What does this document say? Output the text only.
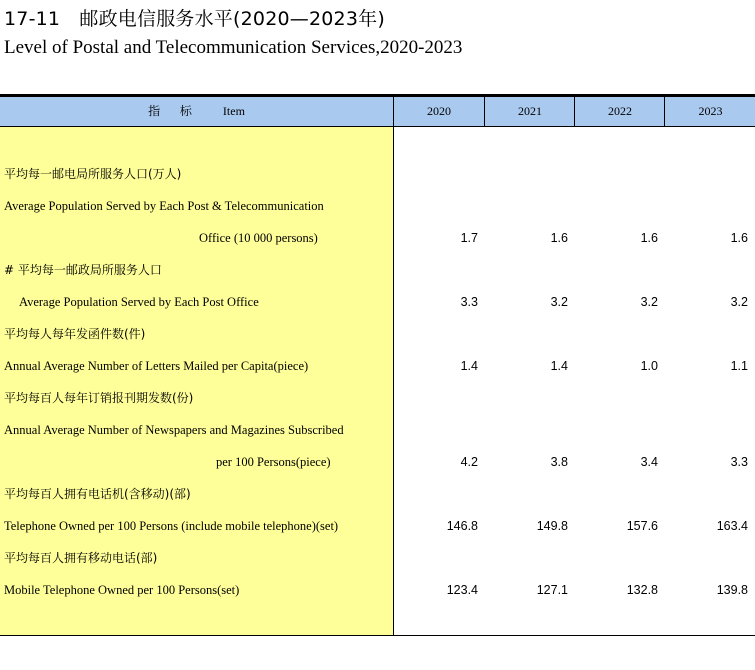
17-11　邮政电信服务水平(2020—2023年)
Level of Postal and Telecommunication Services,2020-2023
指 标 Item	2020	2021	2022	2023
平均每一邮电局所服务人口(万人)
Average Population Served by Each Post & Telecommunication
Office (10 000 persons)	1.7	1.6	1.6	1.6
# 平均每一邮政局所服务人口
Average Population Served by Each Post Office	3.3	3.2	3.2	3.2
平均每人每年发函件数(件)
Annual Average Number of Letters Mailed per Capita(piece)	1.4	1.4	1.0	1.1
平均每百人每年订销报刊期发数(份)
Annual Average Number of Newspapers and Magazines Subscribed
per 100 Persons(piece)	4.2	3.8	3.4	3.3
平均每百人拥有电话机(含移动)(部)
Telephone Owned per 100 Persons (include mobile telephone)(set)	146.8	149.8	157.6	163.4
平均每百人拥有移动电话(部)
Mobile Telephone Owned per 100 Persons(set)	123.4	127.1	132.8	139.8
